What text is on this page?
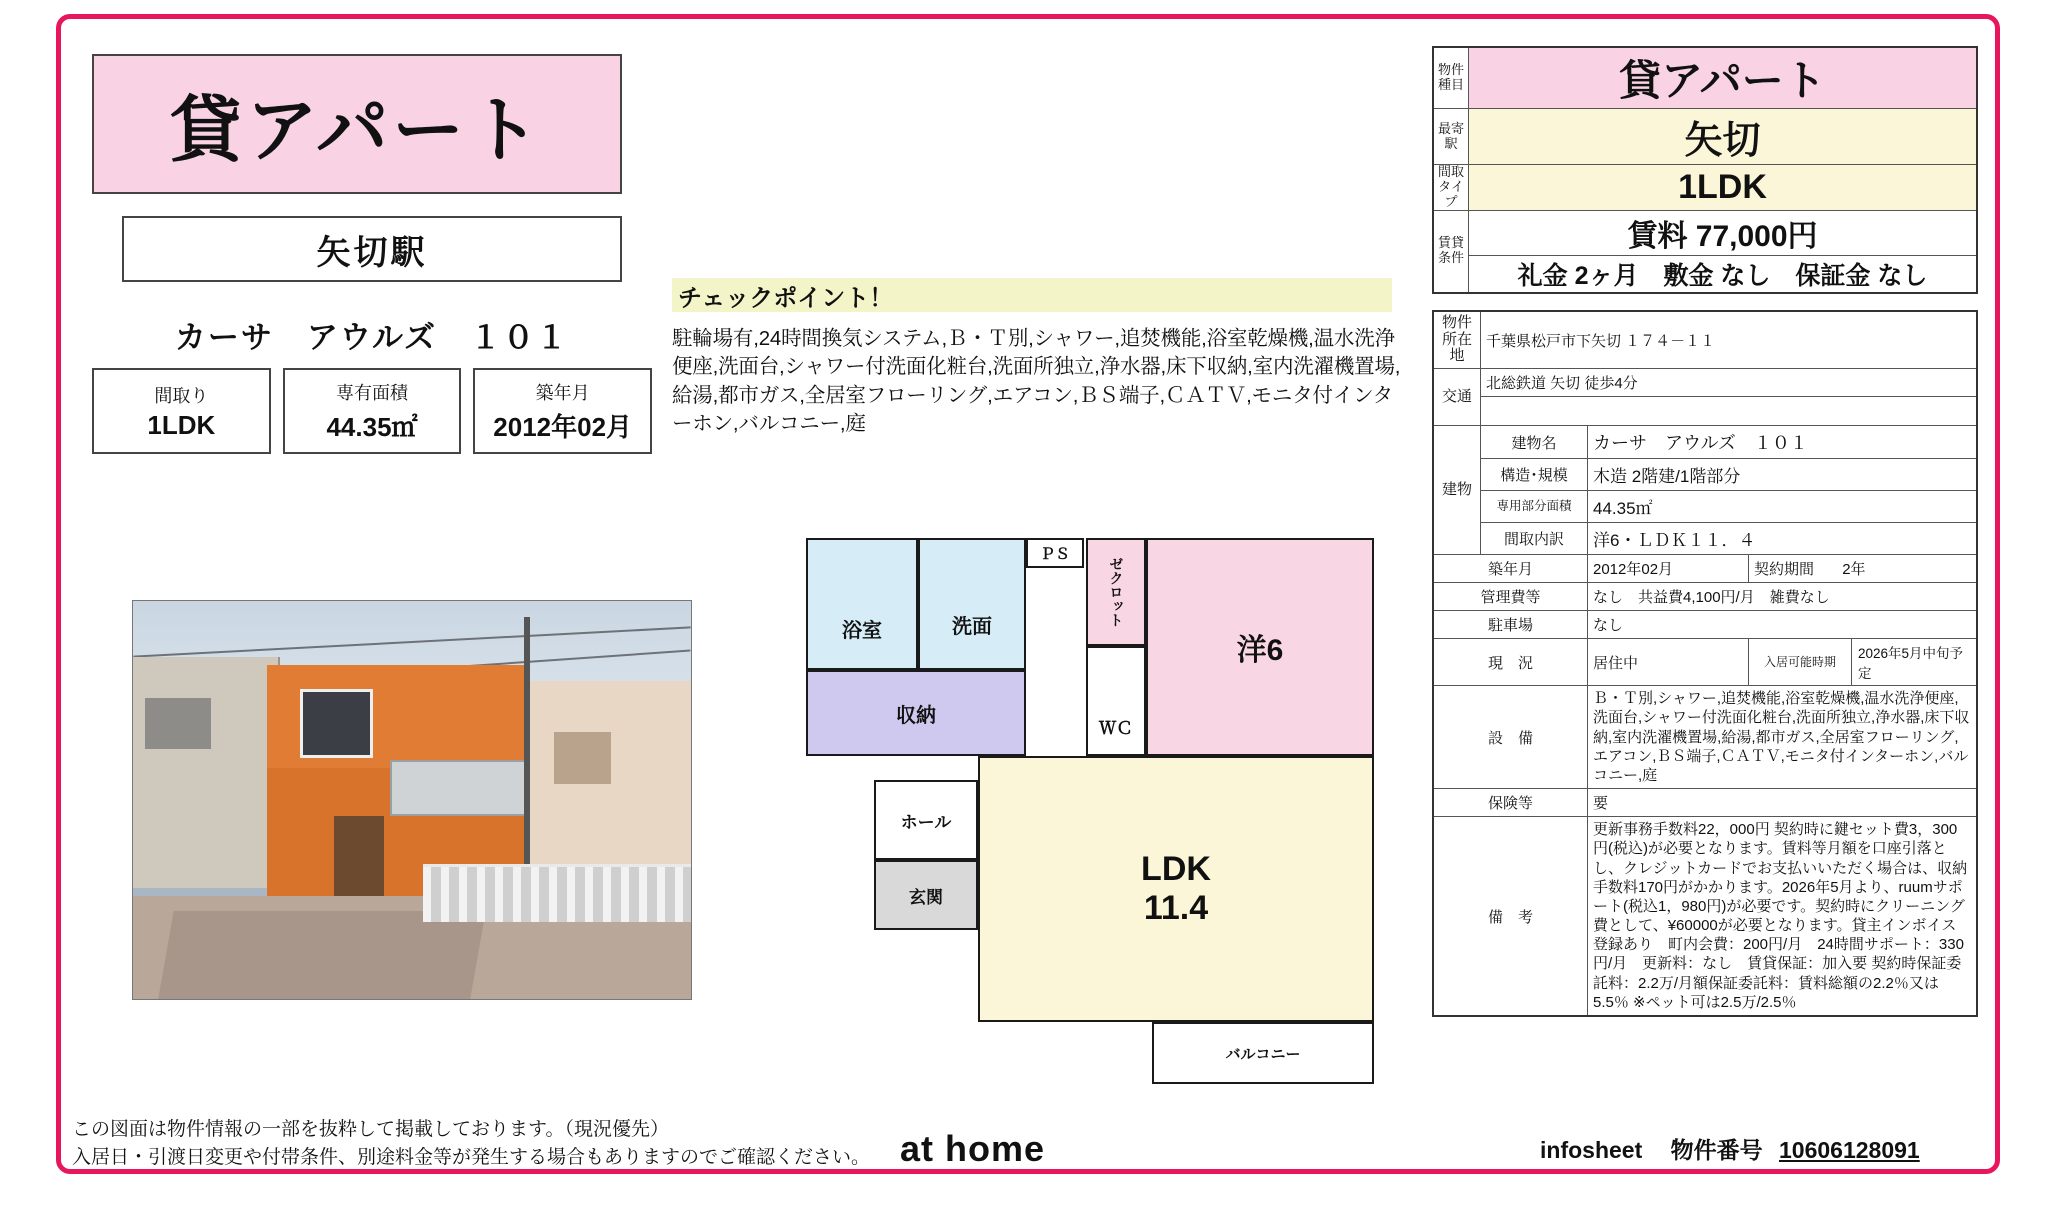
貸アパート
矢切駅
カーサ　アウルズ　１０１
間取り
1LDK
専有面積
44.35㎡
築年月
2012年02月
チェックポイント！
駐輪場有,24時間換気システム,Ｂ・Ｔ別,シャワー,追焚機能,浴室乾燥機,温水洗浄便座,洗面台,シャワー付洗面化粧台,洗面所独立,浄水器,床下収納,室内洗濯機置場,給湯,都市ガス,全居室フローリング,エアコン,ＢＳ端子,ＣＡＴＶ,モニタ付インターホン,バルコニー,庭
浴室	洗面
ＰＳ
ゼクロット
収納
ＷＣ
洋6
ホール
玄関
LDK
11.4
バルコニー
物件種目	貸アパート
最寄駅	矢切
間取タイプ	1LDK
賃貸条件	賃料 77,000円
	礼金 2ヶ月　敷金 なし　保証金 なし
物件所在地	千葉県松戸市下矢切 １７４－１１
交通	北総鉄道 矢切 徒歩4分

建物	建物名	カーサ　アウルズ　１０１
構造･規模	木造 2階建/1階部分
専用部分面積	44.35㎡
間取内訳	洋6・ＬＤＫ１１．４
築年月	2012年02月	契約期間 2年
管理費等	なし　共益費4,100円/月　雑費なし
駐車場	なし
現　況	居住中		入居可能時期	2026年5月中旬予定

設　備	Ｂ・Ｔ別,シャワー,追焚機能,浴室乾燥機,温水洗浄便座,洗面台,シャワー付洗面化粧台,洗面所独立,浄水器,床下収納,室内洗濯機置場,給湯,都市ガス,全居室フローリング,エアコン,ＢＳ端子,ＣＡＴＶ,モニタ付インターホン,バルコニー,庭
保険等	要
備　考	更新事務手数料22，000円 契約時に鍵セット費3，300円(税込)が必要となります。賃料等月額を口座引落とし、クレジットカードでお支払いいただく場合は、収納手数料170円がかかります。2026年5月より、ruumサポート(税込1，980円)が必要です。契約時にクリーニング費として、¥60000が必要となります。貸主インボイス登録あり　町内会費：200円/月　24時間サポート：330円/月　更新料：なし　賃貸保証：加入要 契約時保証委託料：2.2万/月額保証委託料：賃料総額の2.2％又は5.5％ ※ペット可は2.5万/2.5％
この図面は物件情報の一部を抜粋して掲載しております。（現況優先）
入居日・引渡日変更や付帯条件、別途料金等が発生する場合もありますのでご確認ください。 at home	infosheet 物件番号 10606128091
